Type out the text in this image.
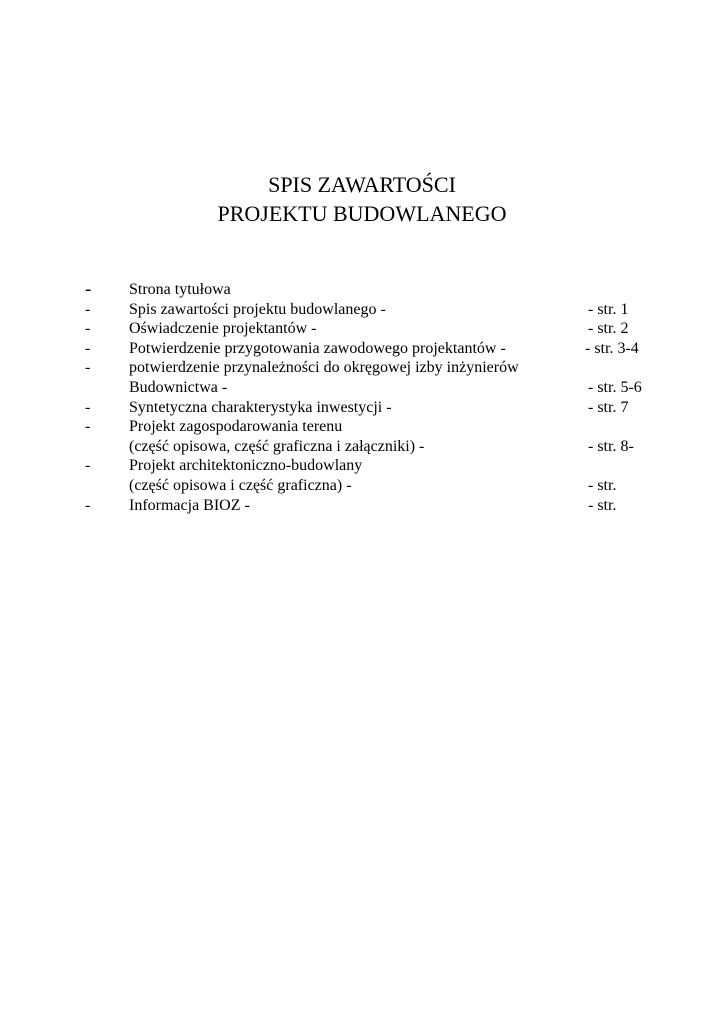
SPIS ZAWARTOŚCI
PROJEKTU BUDOWLANEGO
- Strona tytułowa
- Spis zawartości projektu budowlanego -	- str. 1
- Oświadczenie projektantów -	- str. 2
- Potwierdzenie przygotowania zawodowego projektantów -	- str. 3-4
- potwierdzenie przynależności do okręgowej izby inżynierów
Budownictwa -	- str. 5-6
- Syntetyczna charakterystyka inwestycji -	- str. 7
- Projekt zagospodarowania terenu
(część opisowa, część graficzna i załączniki) -	- str. 8-
- Projekt architektoniczno-budowlany
(część opisowa i część graficzna) -	- str.
- Informacja BIOZ -	- str.
